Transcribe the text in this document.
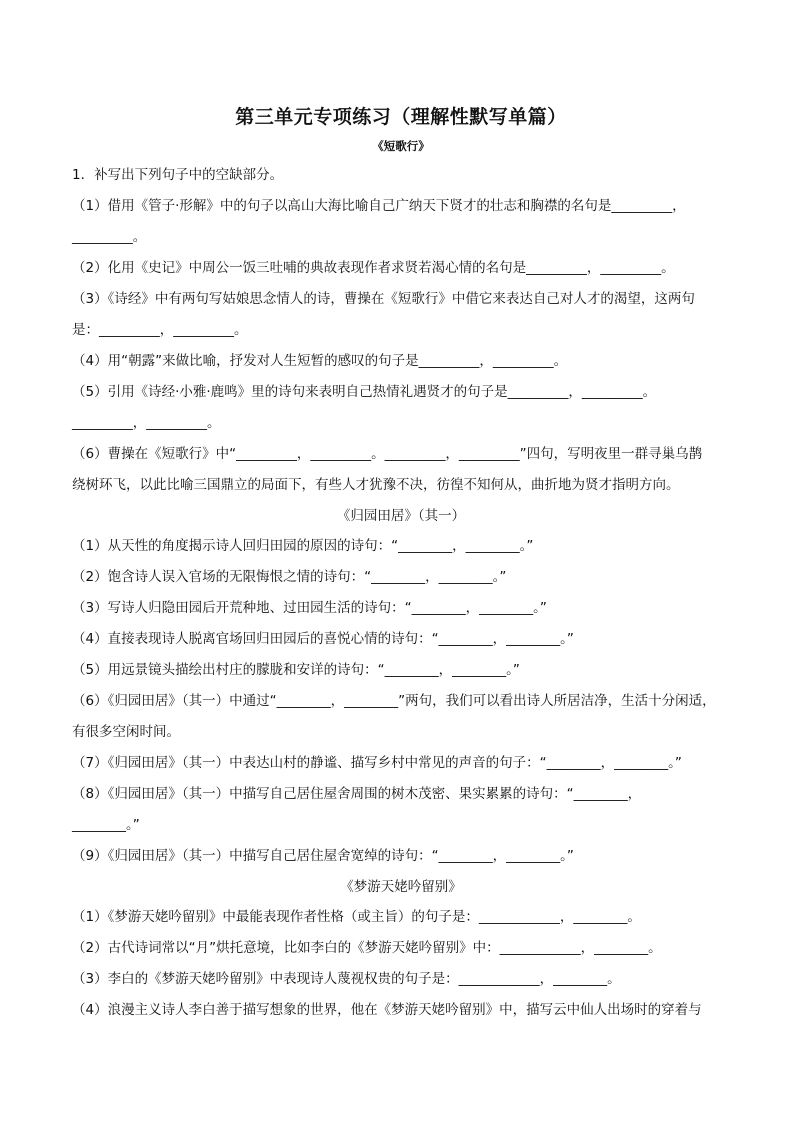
第三单元专项练习（理解性默写单篇）

《短歌行》

1．补写出下列句子中的空缺部分。

（1）借用《管子·形解》中的句子以高山大海比喻自己广纳天下贤才的壮志和胸襟的名句是_________，

_________。

（2）化用《史记》中周公一饭三吐哺的典故表现作者求贤若渴心情的名句是_________，_________。

（3）《诗经》中有两句写姑娘思念情人的诗，曹操在《短歌行》中借它来表达自己对人才的渴望，这两句

是：_________，_________。

（4）用“朝露”来做比喻，抒发对人生短暂的感叹的句子是_________，_________。

（5）引用《诗经·小雅·鹿鸣》里的诗句来表明自己热情礼遇贤才的句子是_________，_________。

_________，_________。

（6）曹操在《短歌行》中“_________，_________。_________，_________”四句，写明夜里一群寻巢乌鹊

绕树环飞，以此比喻三国鼎立的局面下，有些人才犹豫不决，彷徨不知何从，曲折地为贤才指明方向。

《归园田居》（其一）

（1）从天性的角度揭示诗人回归田园的原因的诗句：“________，________。”

（2）饱含诗人误入官场的无限悔恨之情的诗句：“________，________。”

（3）写诗人归隐田园后开荒种地、过田园生活的诗句：“________，________。”

（4）直接表现诗人脱离官场回归田园后的喜悦心情的诗句：“________，________。”

（5）用远景镜头描绘出村庄的朦胧和安详的诗句：“________，________。”

（6）《归园田居》（其一）中通过“________，________”两句，我们可以看出诗人所居洁净，生活十分闲适，

有很多空闲时间。

（7）《归园田居》（其一）中表达山村的静谧、描写乡村中常见的声音的句子：“________，________。”

（8）《归园田居》（其一）中描写自己居住屋舍周围的树木茂密、果实累累的诗句：“________，

________。”

（9）《归园田居》（其一）中描写自己居住屋舍宽绰的诗句：“________，________。”

《梦游天姥吟留别》

（1）《梦游天姥吟留别》中最能表现作者性格（或主旨）的句子是：____________，________。

（2）古代诗词常以“月”烘托意境，比如李白的《梦游天姥吟留别》中：____________，________。

（3）李白的《梦游天姥吟留别》中表现诗人蔑视权贵的句子是：____________，________。

（4）浪漫主义诗人李白善于描写想象的世界，他在《梦游天姥吟留别》中，描写云中仙人出场时的穿着与
